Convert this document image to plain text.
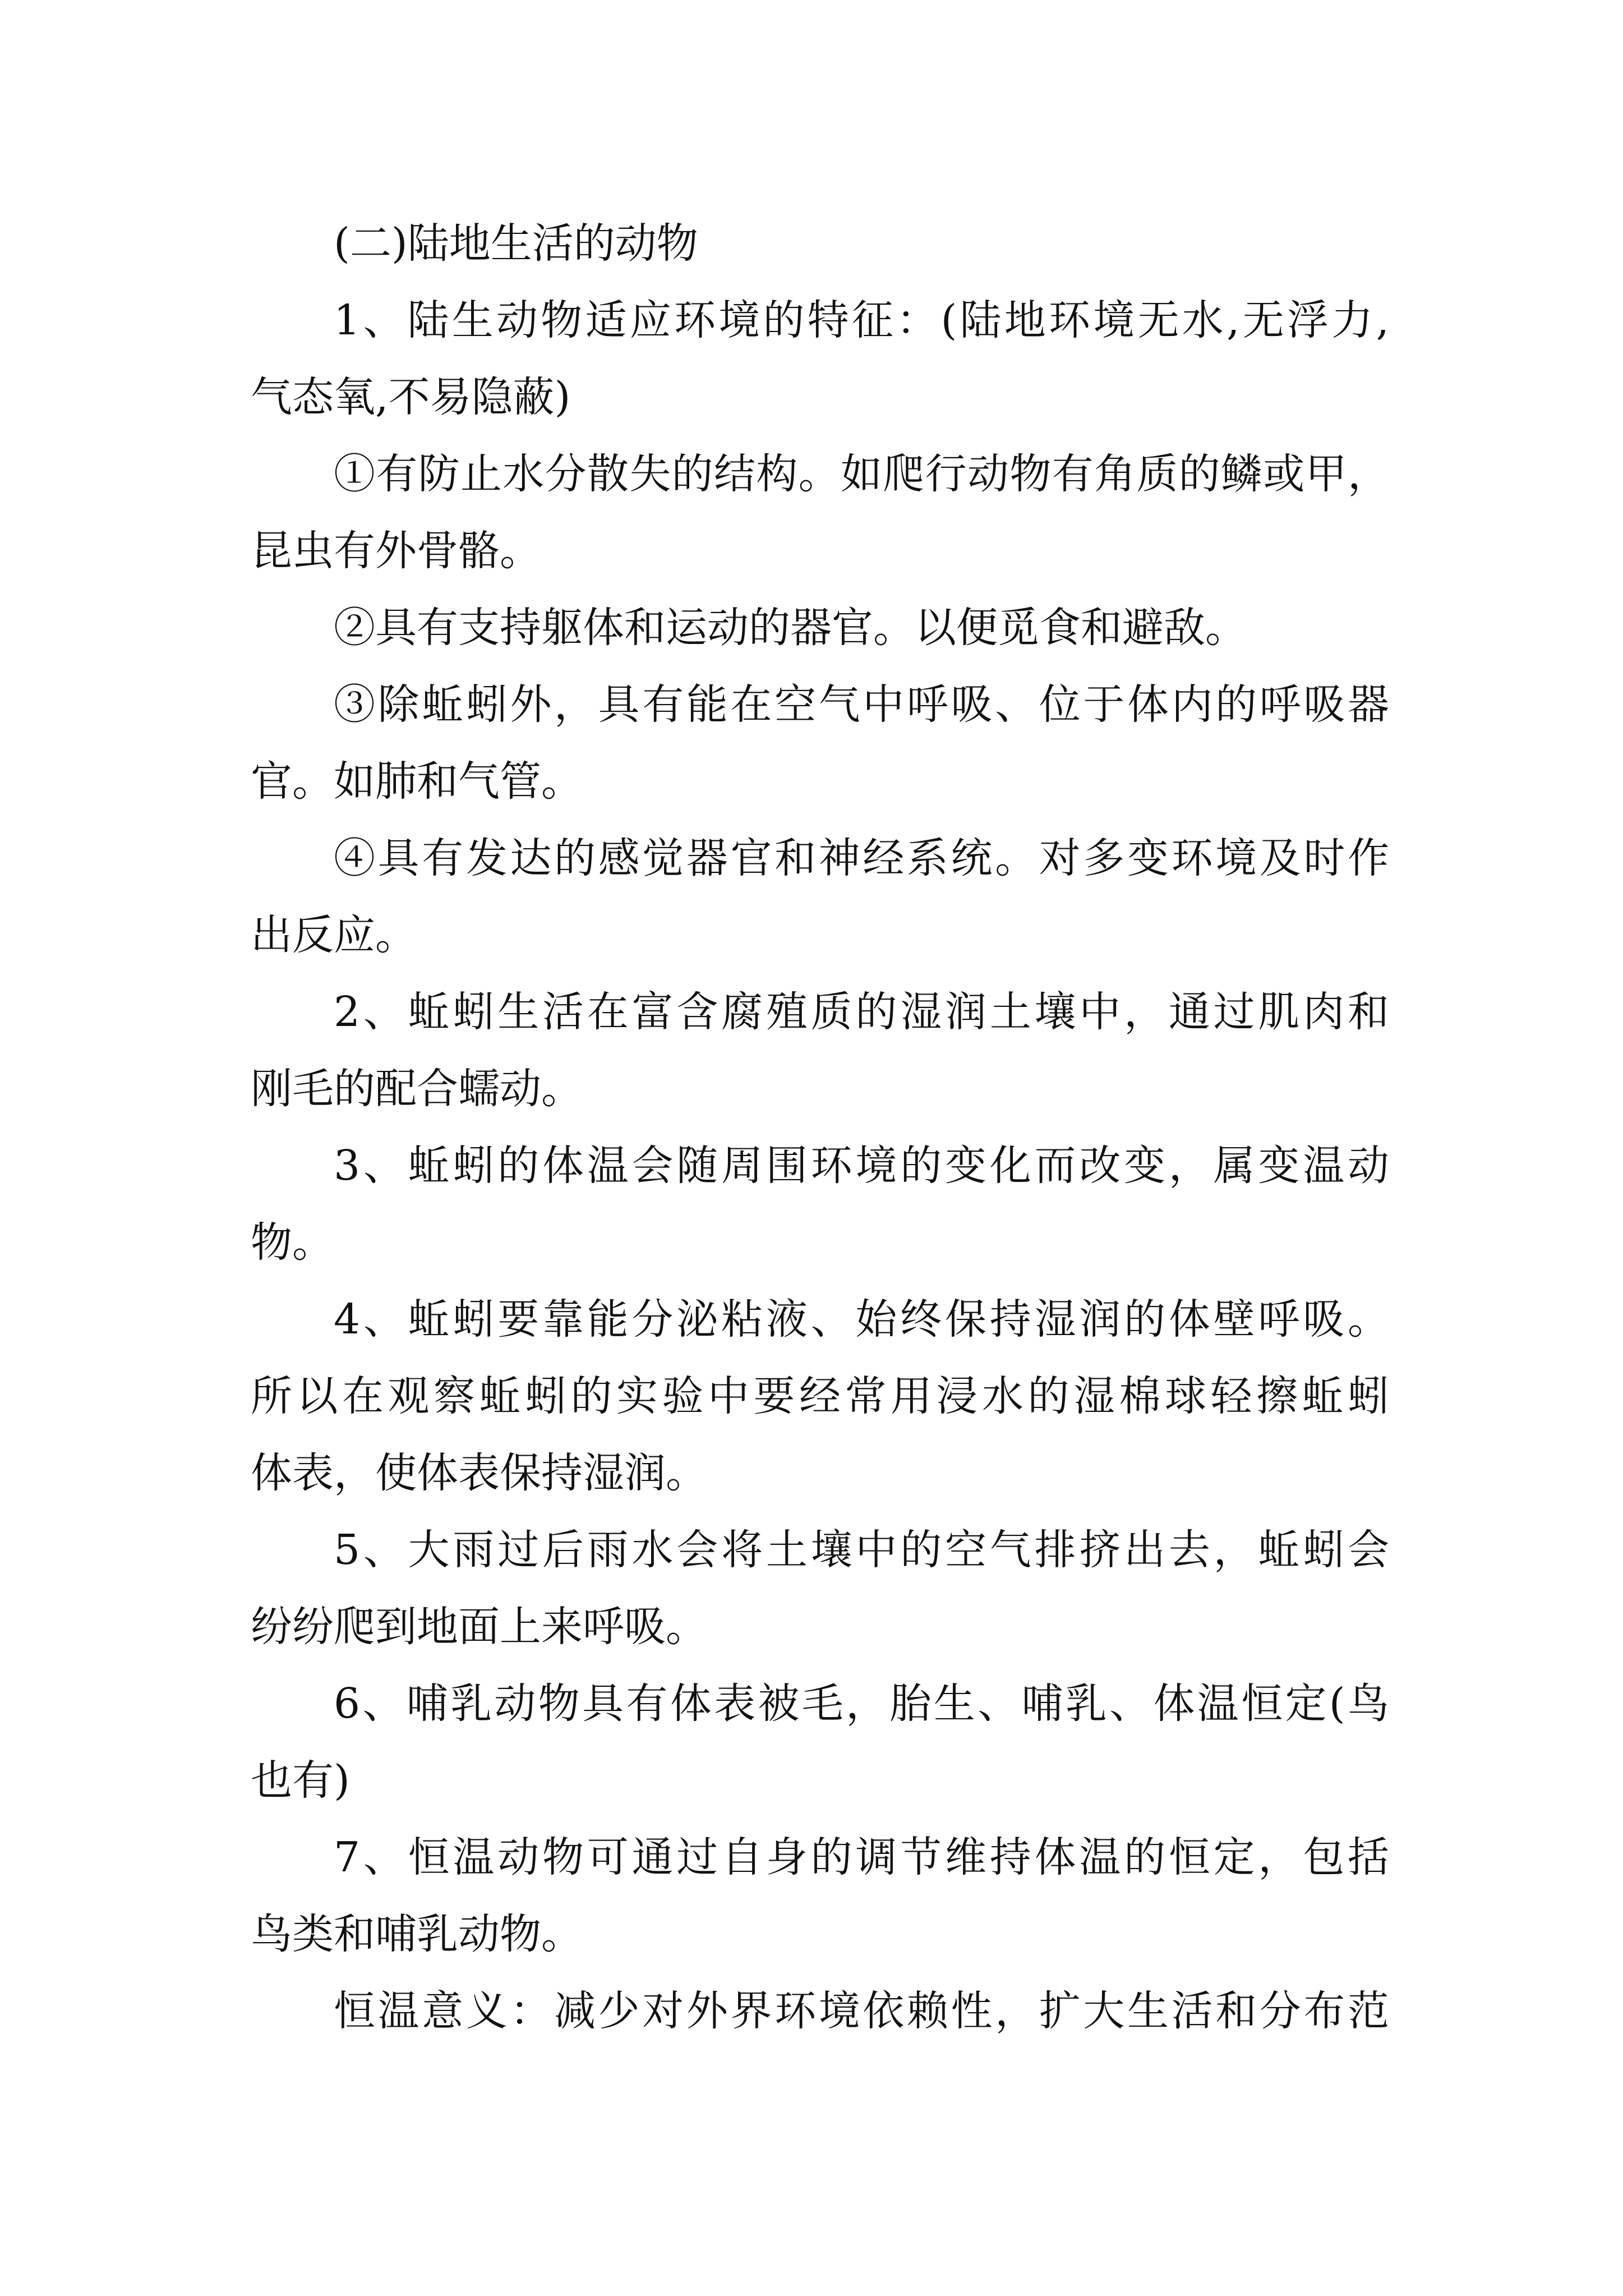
(二)陆地生活的动物
1、陆生动物适应环境的特征：(陆地环境无水,无浮力,
气态氧,不易隐蔽)
①有防止水分散失的结构。如爬行动物有角质的鳞或甲，
昆虫有外骨骼。
②具有支持躯体和运动的器官。以便觅食和避敌。
③除蚯蚓外，具有能在空气中呼吸、位于体内的呼吸器
官。如肺和气管。
④具有发达的感觉器官和神经系统。对多变环境及时作
出反应。
2、蚯蚓生活在富含腐殖质的湿润土壤中，通过肌肉和
刚毛的配合蠕动。
3、蚯蚓的体温会随周围环境的变化而改变，属变温动
物。
4、蚯蚓要靠能分泌粘液、始终保持湿润的体壁呼吸。
所以在观察蚯蚓的实验中要经常用浸水的湿棉球轻擦蚯蚓
体表，使体表保持湿润。
5、大雨过后雨水会将土壤中的空气排挤出去，蚯蚓会
纷纷爬到地面上来呼吸。
6、哺乳动物具有体表被毛，胎生、哺乳、体温恒定(鸟
也有)
7、恒温动物可通过自身的调节维持体温的恒定，包括
鸟类和哺乳动物。
恒温意义：减少对外界环境依赖性，扩大生活和分布范
